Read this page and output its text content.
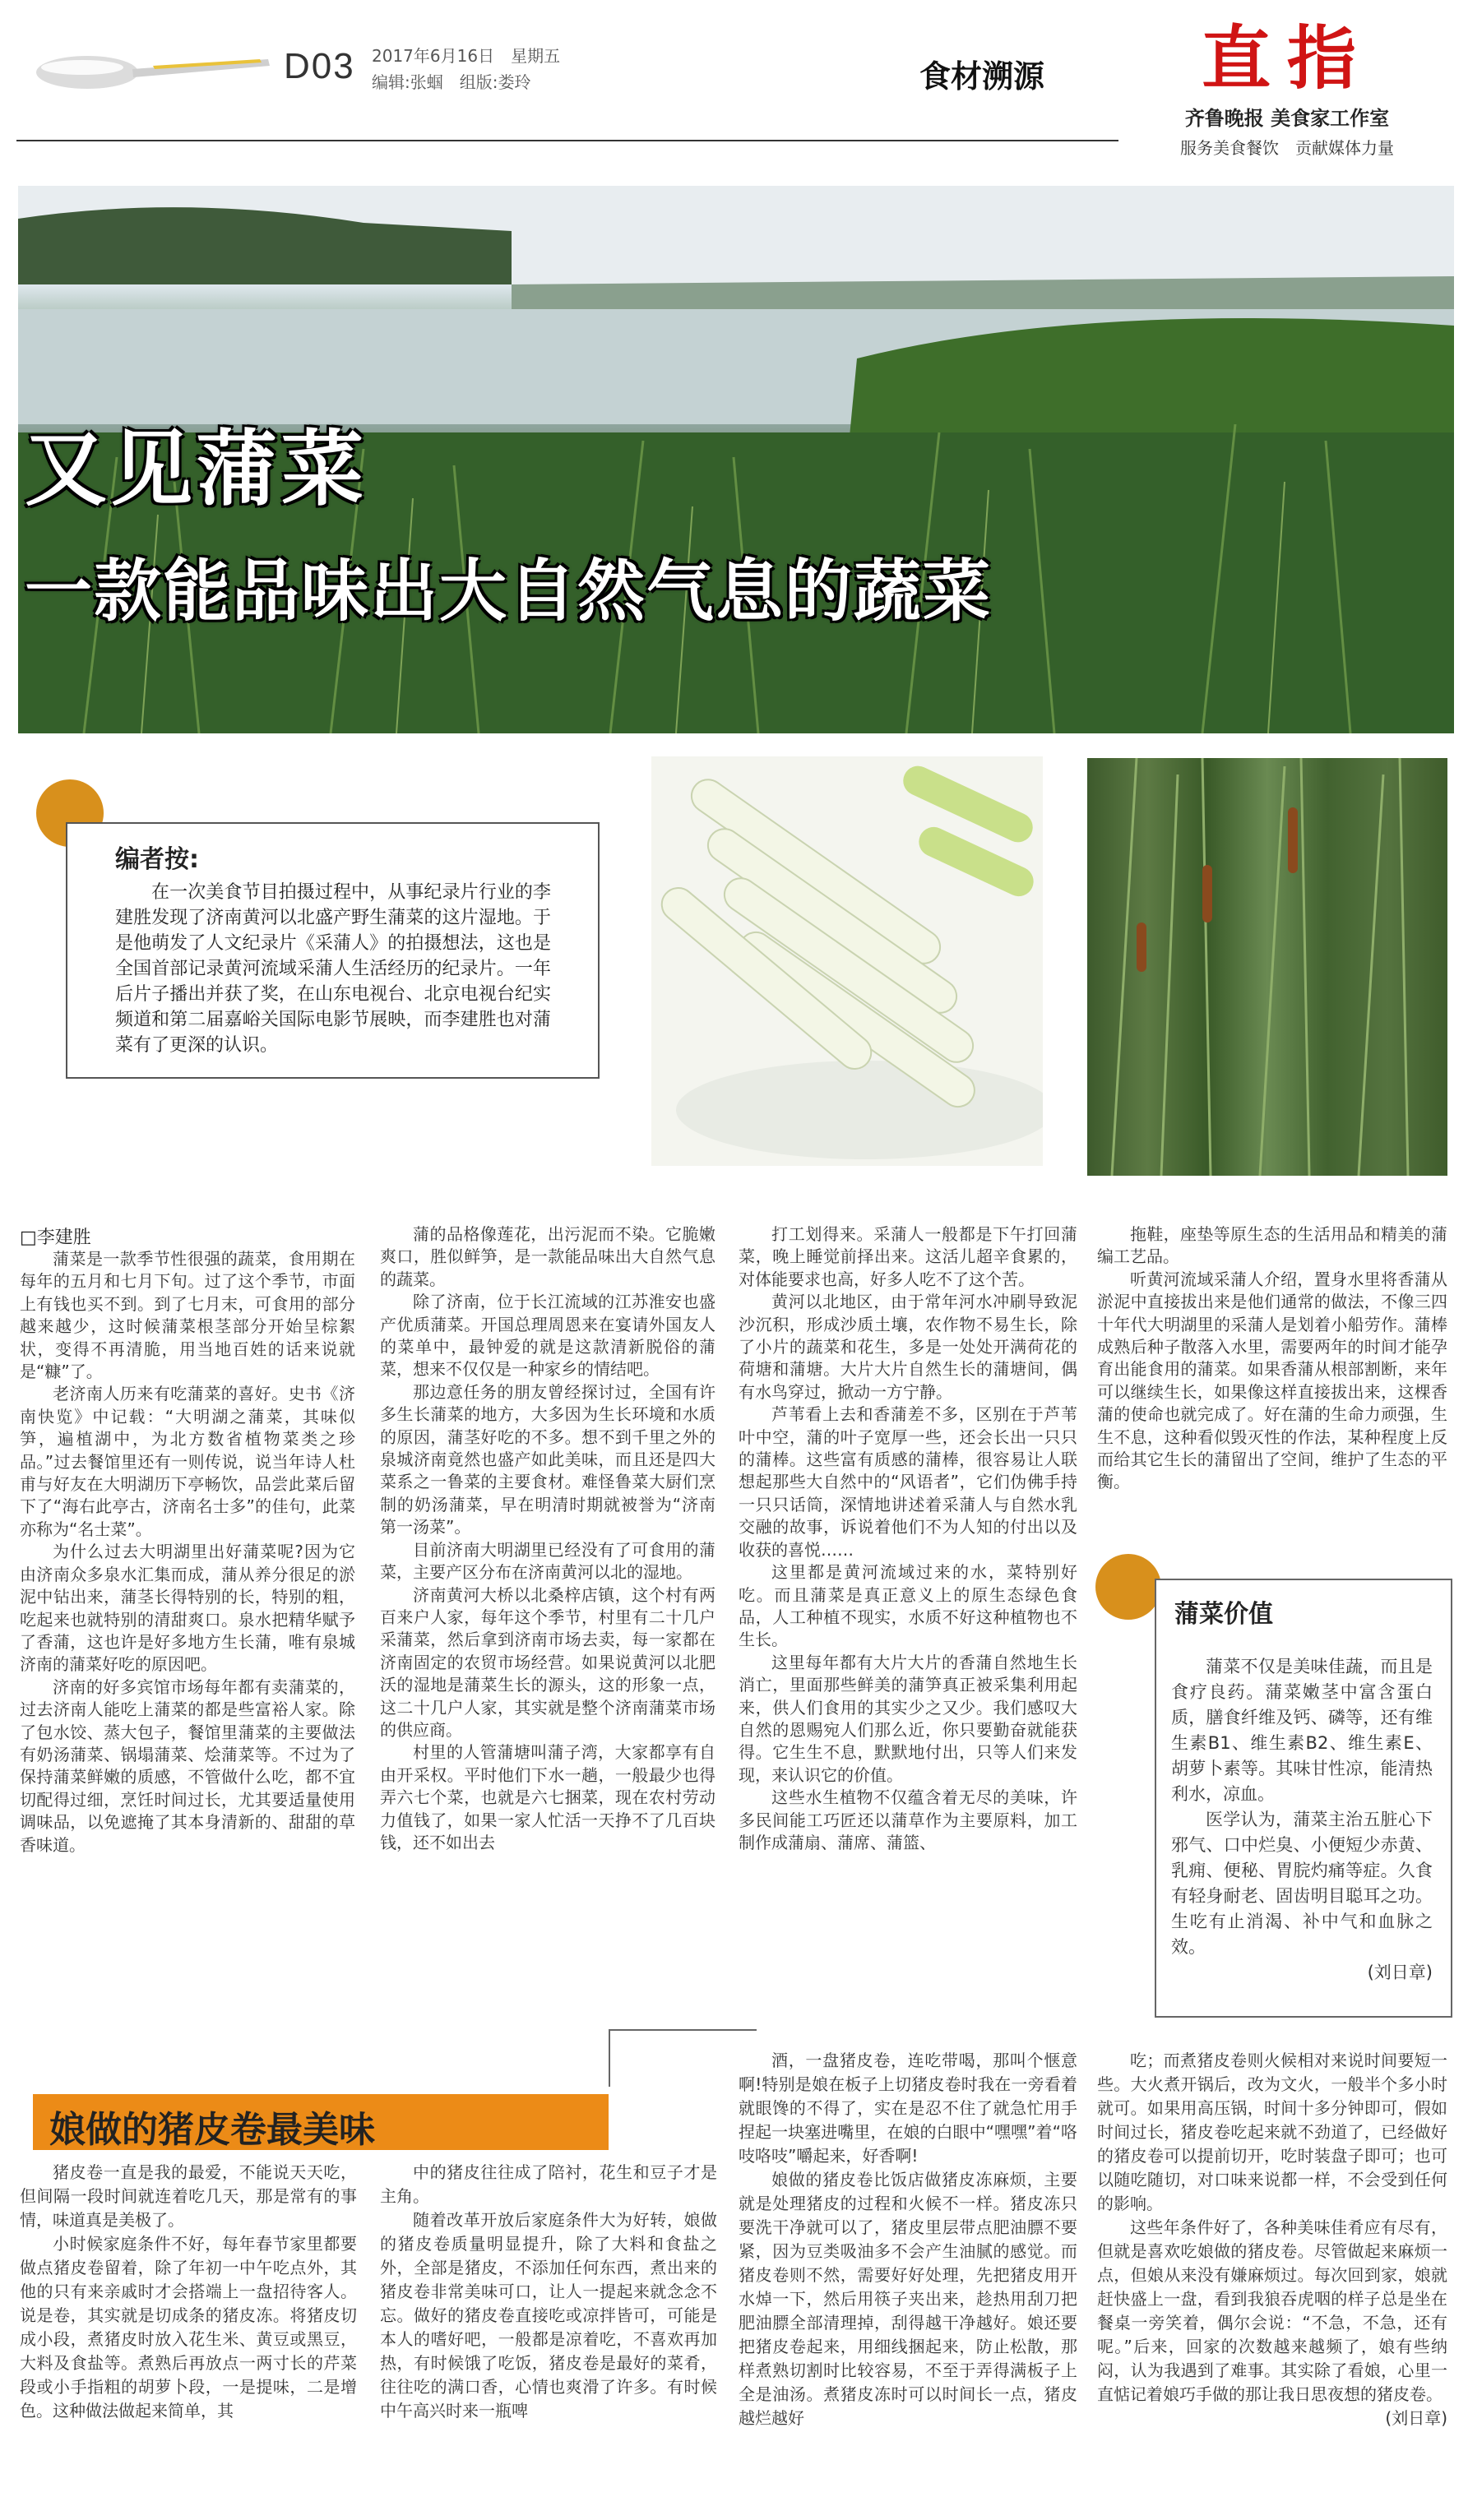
D03 2017年6月16日　星期五
编辑:张蝈　组版:娄玲	食材溯源	直指
齐鲁晚报 美食家工作室
服务美食餐饮　贡献媒体力量
又见蒲菜
一款能品味出大自然气息的蔬菜
编者按:
在一次美食节目拍摄过程中，从事纪录片行业的李建胜发现了济南黄河以北盛产野生蒲菜的这片湿地。于是他萌发了人文纪录片《采蒲人》的拍摄想法，这也是全国首部记录黄河流域采蒲人生活经历的纪录片。一年后片子播出并获了奖，在山东电视台、北京电视台纪实频道和第二届嘉峪关国际电影节展映，而李建胜也对蒲菜有了更深的认识。
□李建胜

蒲菜是一款季节性很强的蔬菜，食用期在每年的五月和七月下旬。过了这个季节，市面上有钱也买不到。到了七月末，可食用的部分越来越少，这时候蒲菜根茎部分开始呈棕絮状，变得不再清脆，用当地百姓的话来说就是“糠”了。

老济南人历来有吃蒲菜的喜好。史书《济南快览》中记载：“大明湖之蒲菜，其味似笋，遍植湖中，为北方数省植物菜类之珍品。”过去餐馆里还有一则传说，说当年诗人杜甫与好友在大明湖历下亭畅饮，品尝此菜后留下了“海右此亭古，济南名士多”的佳句，此菜亦称为“名士菜”。

为什么过去大明湖里出好蒲菜呢?因为它由济南众多泉水汇集而成，蒲从养分很足的淤泥中钻出来，蒲茎长得特别的长，特别的粗，吃起来也就特别的清甜爽口。泉水把精华赋予了香蒲，这也许是好多地方生长蒲，唯有泉城济南的蒲菜好吃的原因吧。

济南的好多宾馆市场每年都有卖蒲菜的，过去济南人能吃上蒲菜的都是些富裕人家。除了包水饺、蒸大包子，餐馆里蒲菜的主要做法有奶汤蒲菜、锅塌蒲菜、烩蒲菜等。不过为了保持蒲菜鲜嫩的质感，不管做什么吃，都不宜切配得过细，烹饪时间过长，尤其要适量使用调味品，以免遮掩了其本身清新的、甜甜的草香味道。

蒲的品格像莲花，出污泥而不染。它脆嫩爽口，胜似鲜笋，是一款能品味出大自然气息的蔬菜。

除了济南，位于长江流域的江苏淮安也盛产优质蒲菜。开国总理周恩来在宴请外国友人的菜单中，最钟爱的就是这款清新脱俗的蒲菜，想来不仅仅是一种家乡的情结吧。

那边意任务的朋友曾经探讨过，全国有许多生长蒲菜的地方，大多因为生长环境和水质的原因，蒲茎好吃的不多。想不到千里之外的泉城济南竟然也盛产如此美味，而且还是四大菜系之一鲁菜的主要食材。难怪鲁菜大厨们烹制的奶汤蒲菜，早在明清时期就被誉为“济南第一汤菜”。

目前济南大明湖里已经没有了可食用的蒲菜，主要产区分布在济南黄河以北的湿地。

济南黄河大桥以北桑梓店镇，这个村有两百来户人家，每年这个季节，村里有二十几户采蒲菜，然后拿到济南市场去卖，每一家都在济南固定的农贸市场经营。如果说黄河以北肥沃的湿地是蒲菜生长的源头，这的形象一点，这二十几户人家，其实就是整个济南蒲菜市场的供应商。

村里的人管蒲塘叫蒲子湾，大家都享有自由开采权。平时他们下水一趟，一般最少也得弄六七个菜，也就是六七捆菜，现在农村劳动力值钱了，如果一家人忙活一天挣不了几百块钱，还不如出去

打工划得来。采蒲人一般都是下午打回蒲菜，晚上睡觉前择出来。这活儿超辛食累的，对体能要求也高，好多人吃不了这个苦。

黄河以北地区，由于常年河水冲刷导致泥沙沉积，形成沙质土壤，农作物不易生长，除了小片的蔬菜和花生，多是一处处开满荷花的荷塘和蒲塘。大片大片自然生长的蒲塘间，偶有水鸟穿过，掀动一方宁静。

芦苇看上去和香蒲差不多，区别在于芦苇叶中空，蒲的叶子宽厚一些，还会长出一只只的蒲棒。这些富有质感的蒲棒，很容易让人联想起那些大自然中的“风语者”，它们伪佛手持一只只话筒，深情地讲述着采蒲人与自然水乳交融的故事，诉说着他们不为人知的付出以及收获的喜悦……

这里都是黄河流域过来的水，菜特别好吃。而且蒲菜是真正意义上的原生态绿色食品，人工种植不现实，水质不好这种植物也不生长。

这里每年都有大片大片的香蒲自然地生长消亡，里面那些鲜美的蒲笋真正被采集利用起来，供人们食用的其实少之又少。我们感叹大自然的恩赐宛人们那么近，你只要勤奋就能获得。它生生不息，默默地付出，只等人们来发现，来认识它的价值。

这些水生植物不仅蕴含着无尽的美味，许多民间能工巧匠还以蒲草作为主要原料，加工制作成蒲扇、蒲席、蒲篮、

拖鞋，座垫等原生态的生活用品和精美的蒲编工艺品。

听黄河流域采蒲人介绍，置身水里将香蒲从淤泥中直接拔出来是他们通常的做法，不像三四十年代大明湖里的采蒲人是划着小船劳作。蒲棒成熟后种子散落入水里，需要两年的时间才能孕育出能食用的蒲菜。如果香蒲从根部割断，来年可以继续生长，如果像这样直接拔出来，这棵香蒲的使命也就完成了。好在蒲的生命力顽强，生生不息，这种看似毁灭性的作法，某种程度上反而给其它生长的蒲留出了空间，维护了生态的平衡。

蒲菜价值

蒲菜不仅是美味佳蔬，而且是食疗良药。蒲菜嫩茎中富含蛋白质，膳食纤维及钙、磷等，还有维生素B1、维生素B2、维生素E、胡萝卜素等。其味甘性凉，能清热利水，凉血。

医学认为，蒲菜主治五脏心下邪气、口中烂臭、小便短少赤黄、乳痈、便秘、胃脘灼痛等症。久食有轻身耐老、固齿明目聪耳之功。生吃有止消渴、补中气和血脉之效。

(刘日章)
娘做的猪皮卷最美味

猪皮卷一直是我的最爱，不能说天天吃，但间隔一段时间就连着吃几天，那是常有的事情，味道真是美极了。

小时候家庭条件不好，每年春节家里都要做点猪皮卷留着，除了年初一中午吃点外，其他的只有来亲戚时才会搭端上一盘招待客人。说是卷，其实就是切成条的猪皮冻。将猪皮切成小段，煮猪皮时放入花生米、黄豆或黑豆，大料及食盐等。煮熟后再放点一两寸长的芹菜段或小手指粗的胡萝卜段，一是提味，二是增色。这种做法做起来简单，其

中的猪皮往往成了陪衬，花生和豆子才是主角。

随着改革开放后家庭条件大为好转，娘做的猪皮卷质量明显提升，除了大料和食盐之外，全部是猪皮，不添加任何东西，煮出来的猪皮卷非常美味可口，让人一提起来就念念不忘。做好的猪皮卷直接吃或凉拌皆可，可能是本人的嗜好吧，一般都是凉着吃，不喜欢再加热，有时候饿了吃饭，猪皮卷是最好的菜肴，往往吃的满口香，心情也爽滑了许多。有时候中午高兴时来一瓶啤

酒，一盘猪皮卷，连吃带喝，那叫个惬意啊!特别是娘在板子上切猪皮卷时我在一旁看着就眼馋的不得了，实在是忍不住了就急忙用手捏起一块塞进嘴里，在娘的白眼中“嘿嘿”着“咯吱咯吱”嚼起来，好香啊!

娘做的猪皮卷比饭店做猪皮冻麻烦，主要就是处理猪皮的过程和火候不一样。猪皮冻只要洗干净就可以了，猪皮里层带点肥油膘不要紧，因为豆类吸油多不会产生油腻的感觉。而猪皮卷则不然，需要好好处理，先把猪皮用开水焯一下，然后用筷子夹出来，趁热用刮刀把肥油膘全部清理掉，刮得越干净越好。娘还要把猪皮卷起来，用细线捆起来，防止松散，那样煮熟切割时比较容易，不至于弄得满板子上全是油汤。煮猪皮冻时可以时间长一点，猪皮越烂越好

吃；而煮猪皮卷则火候相对来说时间要短一些。大火煮开锅后，改为文火，一般半个多小时就可。如果用高压锅，时间十多分钟即可，假如时间过长，猪皮卷吃起来就不劲道了，已经做好的猪皮卷可以提前切开，吃时装盘子即可；也可以随吃随切，对口味来说都一样，不会受到任何的影响。

这些年条件好了，各种美味佳肴应有尽有，但就是喜欢吃娘做的猪皮卷。尽管做起来麻烦一点，但娘从来没有嫌麻烦过。每次回到家，娘就赶快盛上一盘，看到我狼吞虎咽的样子总是坐在餐桌一旁笑着，偶尔会说：“不急，不急，还有呢。”后来，回家的次数越来越频了，娘有些纳闷，认为我遇到了难事。其实除了看娘，心里一直惦记着娘巧手做的那让我日思夜想的猪皮卷。

(刘日章)
